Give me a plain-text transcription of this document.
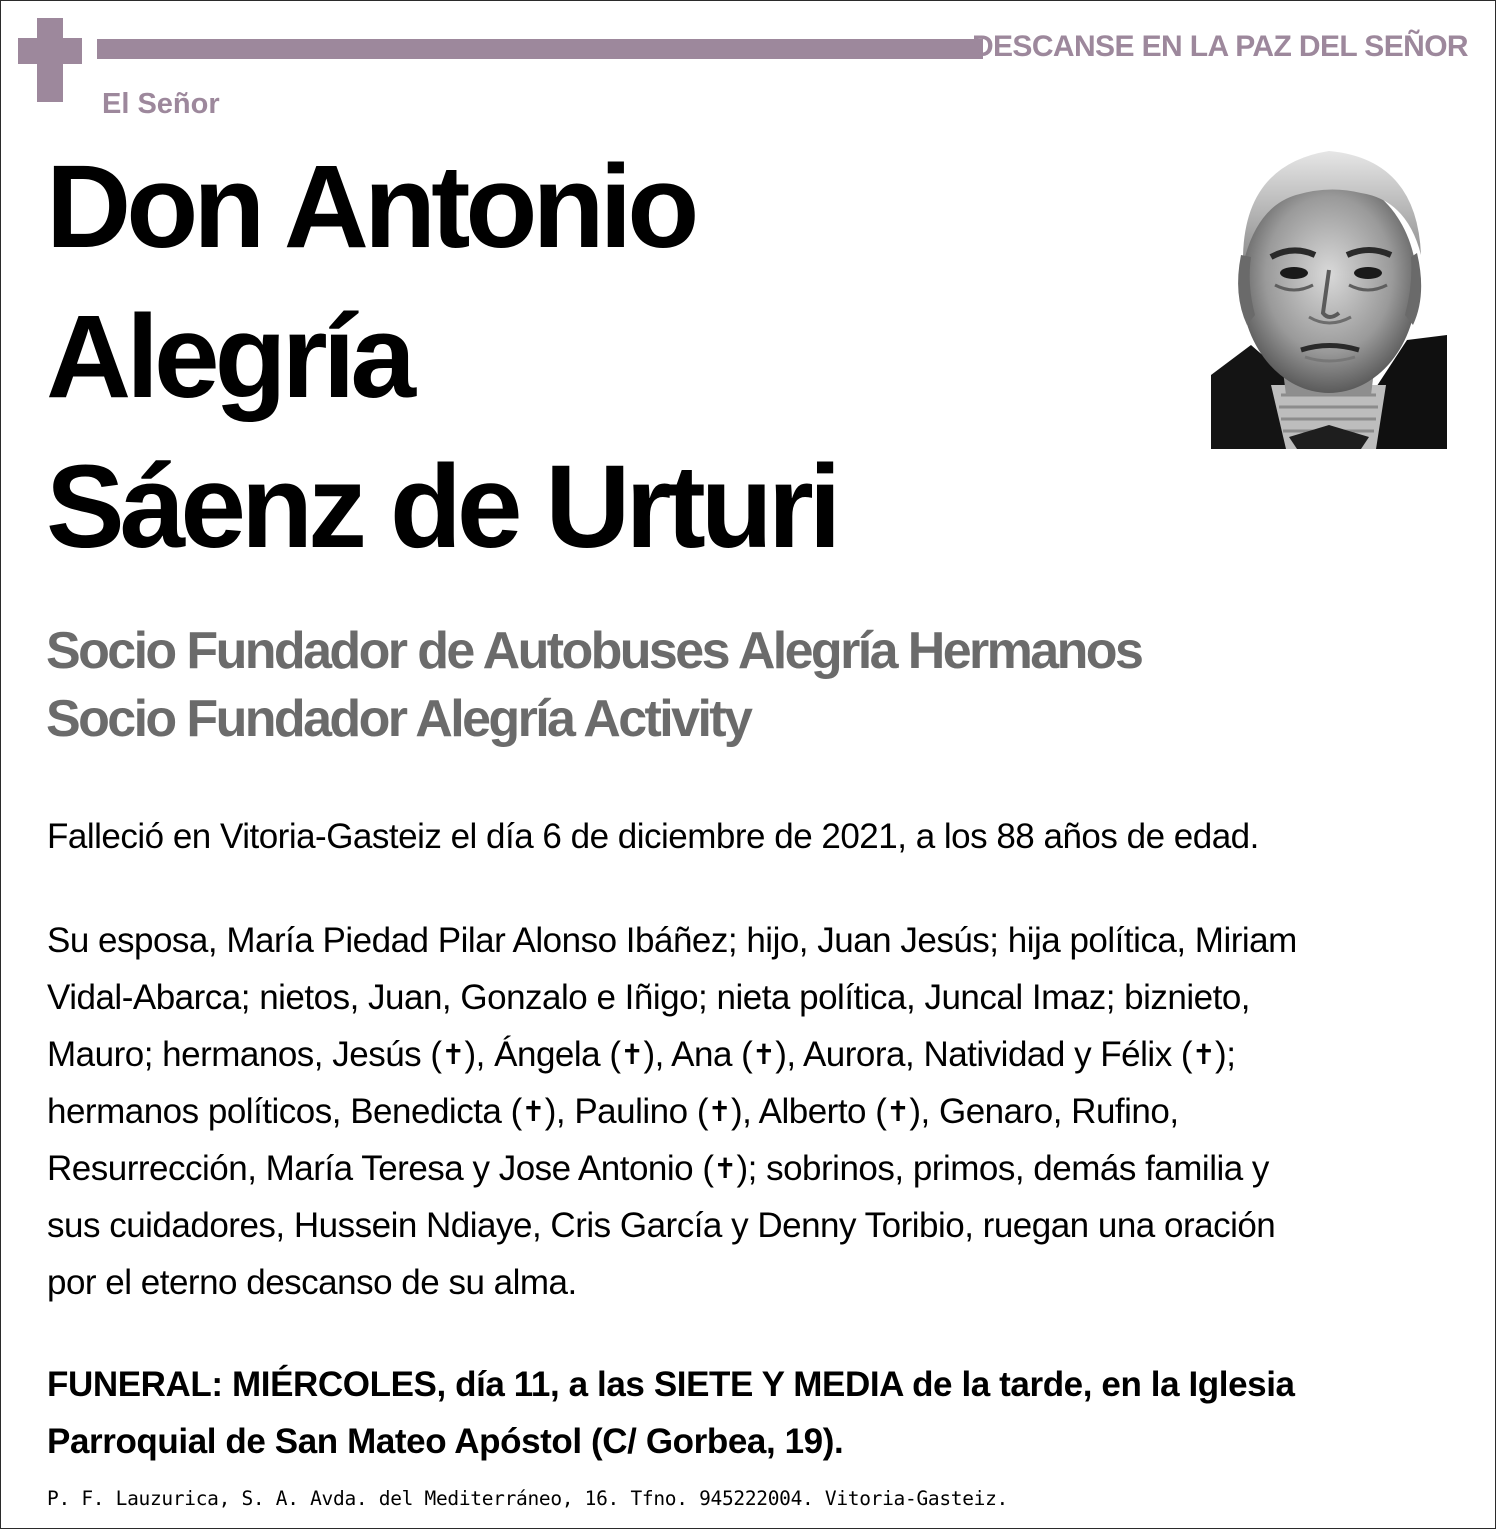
DESCANSE EN LA PAZ DEL SEÑOR
El Señor
Don Antonio
Alegría
Sáenz de Urturi
Socio Fundador de Autobuses Alegría Hermanos
Socio Fundador Alegría Activity
Falleció en Vitoria-Gasteiz el día 6 de diciembre de 2021, a los 88 años de edad.
Su esposa, María Piedad Pilar Alonso Ibáñez; hijo, Juan Jesús; hija política, Miriam
Vidal-Abarca; nietos, Juan, Gonzalo e Iñigo; nieta política, Juncal Imaz; biznieto,
Mauro; hermanos, Jesús (✝), Ángela (✝), Ana (✝), Aurora, Natividad y Félix (✝);
hermanos políticos, Benedicta (✝), Paulino (✝), Alberto (✝), Genaro, Rufino,
Resurrección, María Teresa y Jose Antonio (✝); sobrinos, primos, demás familia y
sus cuidadores, Hussein Ndiaye, Cris García y Denny Toribio, ruegan una oración
por el eterno descanso de su alma.
FUNERAL: MIÉRCOLES, día 11, a las SIETE Y MEDIA de la tarde, en la Iglesia
Parroquial de San Mateo Apóstol (C/ Gorbea, 19).
P. F. Lauzurica, S. A. Avda. del Mediterráneo, 16. Tfno. 945222004. Vitoria-Gasteiz.
